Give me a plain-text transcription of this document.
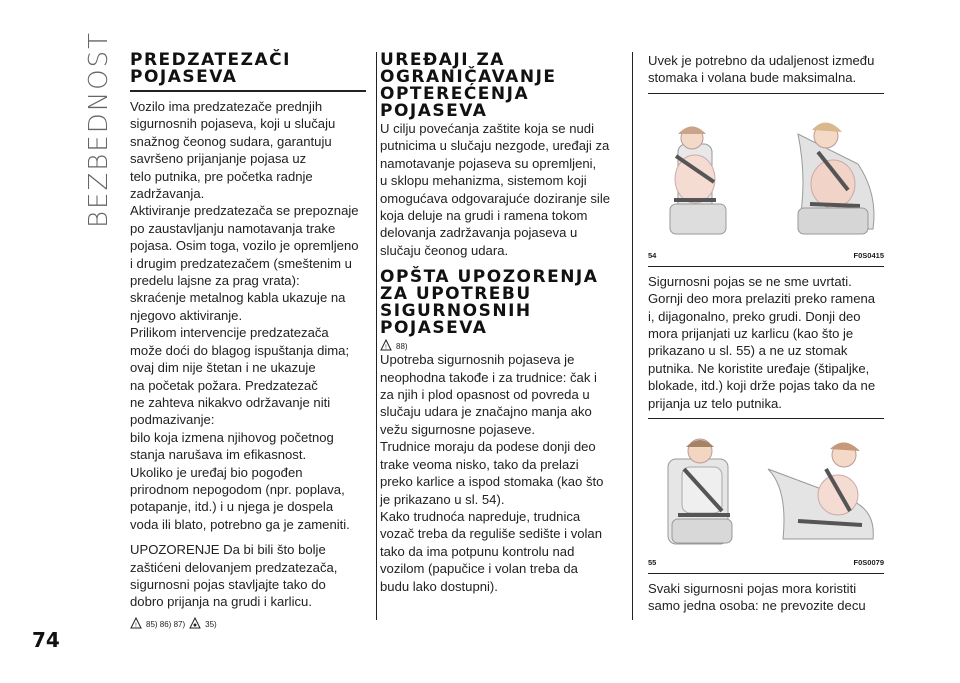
BEZBEDNOST
74
PREDZATEZAČI
POJASEVA
Vozilo ima predzatezače prednjih
sigurnosnih pojaseva, koji u slučaju
snažnog čeonog sudara, garantuju
savršeno prijanjanje pojasa uz
telo putnika, pre početka radnje
zadržavanja.
Aktiviranje predzatezača se prepoznaje
po zaustavljanju namotavanja trake
pojasa. Osim toga, vozilo je opremljeno
i drugim predzatezačem (smeštenim u
predelu lajsne za prag vrata):
skraćenje metalnog kabla ukazuje na
njegovo aktiviranje.
Prilikom intervencije predzatezača
može doći do blagog ispuštanja dima;
ovaj dim nije štetan i ne ukazuje
na početak požara. Predzatezač
ne zahteva nikakvo održavanje niti
podmazivanje:
bilo koja izmena njihovog početnog
stanja narušava im efikasnost.
Ukoliko je uređaj bio pogođen
prirodnom nepogodom (npr. poplava,
potapanje, itd.) i u njega je dospela
voda ili blato, potrebno ga je zameniti.
UPOZORENJE Da bi bili što bolje
zaštićeni delovanjem predzatezača,
sigurnosni pojas stavljajte tako do
dobro prijanja na grudi i karlicu.
! 85) 86) 87)	35)
UREĐAJI ZA
OGRANIČAVANJE
OPTEREĆENJA
POJASEVA
U cilju povećanja zaštite koja se nudi
putnicima u slučaju nezgode, uređaji za
namotavanje pojaseva su opremljeni,
u sklopu mehanizma, sistemom koji
omogućava odgovarajuće doziranje sile
koja deluje na grudi i ramena tokom
delovanja zadržavanja pojaseva u
slučaju čeonog udara.
OPŠTA UPOZORENJA
ZA UPOTREBU
SIGURNOSNIH
POJASEVA
! 88)
Upotreba sigurnosnih pojaseva je
neophodna takođe i za trudnice: čak i
za njih i plod opasnost od povreda u
slučaju udara je značajno manja ako
vežu sigurnosne pojaseve.
Trudnice moraju da podese donji deo
trake veoma nisko, tako da prelazi
preko karlice a ispod stomaka (kao što
je prikazano u sl. 54).
Kako trudnoća napreduje, trudnica
vozač treba da reguliše sedište i volan
tako da ima potpunu kontrolu nad
vozilom (papučice i volan treba da
budu lako dostupni).
Uvek je potrebno da udaljenost između
stomaka i volana bude maksimalna.
54	F0S0415
Sigurnosni pojas se ne sme uvrtati.
Gornji deo mora prelaziti preko ramena
i, dijagonalno, preko grudi. Donji deo
mora prijanjati uz karlicu (kao što je
prikazano u sl. 55) a ne uz stomak
putnika. Ne koristite uređaje (štipaljke,
blokade, itd.) koji drže pojas tako da ne
prijanja uz telo putnika.
55	F0S0079
Svaki sigurnosni pojas mora koristiti
samo jedna osoba: ne prevozite decu
